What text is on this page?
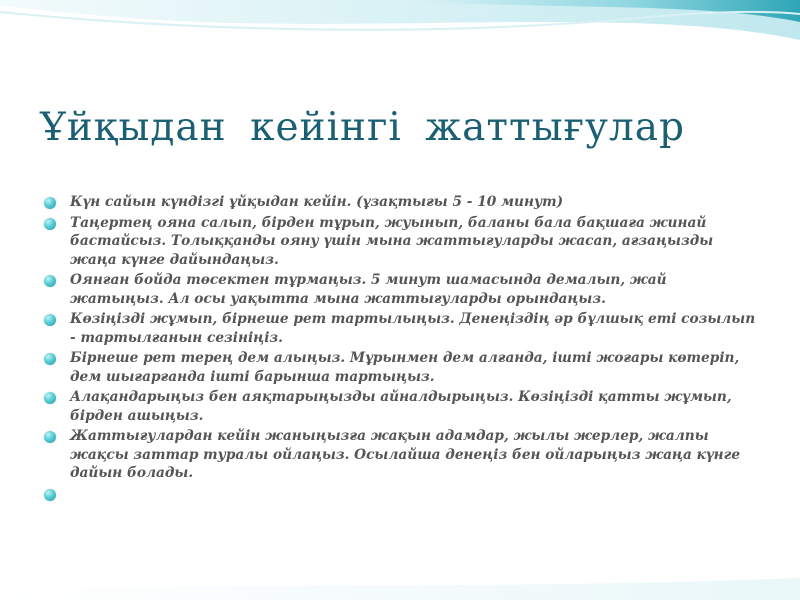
Ұйқыдан кейінгі жаттығулар
Күн сайын күндізгі ұйқыдан кейін. (ұзақтығы 5 - 10 минут)
Таңертең ояна салып, бірден тұрып, жуынып, баланы бала бақшаға жинай бастайсыз. Толыққанды ояну үшін мына жаттығуларды жасап, ағзаңызды жаңа күнге дайындаңыз.
Оянған бойда төсектен тұрмаңыз. 5 минут шамасында демалып, жай жатыңыз. Ал осы уақытта мына жаттығуларды орындаңыз.
Көзіңізді жұмып, бірнеше рет тартылыңыз. Денеңіздің әр бұлшық еті созылып - тартылғанын сезініңіз.
Бірнеше рет терең дем алыңыз. Мұрынмен дем алғанда, ішті жоғары көтеріп, дем шығарғанда ішті барынша тартыңыз.
Алақандарыңыз бен аяқтарыңызды айналдырыңыз. Көзіңізді қатты жұмып, бірден ашыңыз.
Жаттығулардан кейін жаныңызға жақын адамдар, жылы жерлер, жалпы жақсы заттар туралы ойлаңыз. Осылайша денеңіз бен ойларыңыз жаңа күнге дайын болады.
